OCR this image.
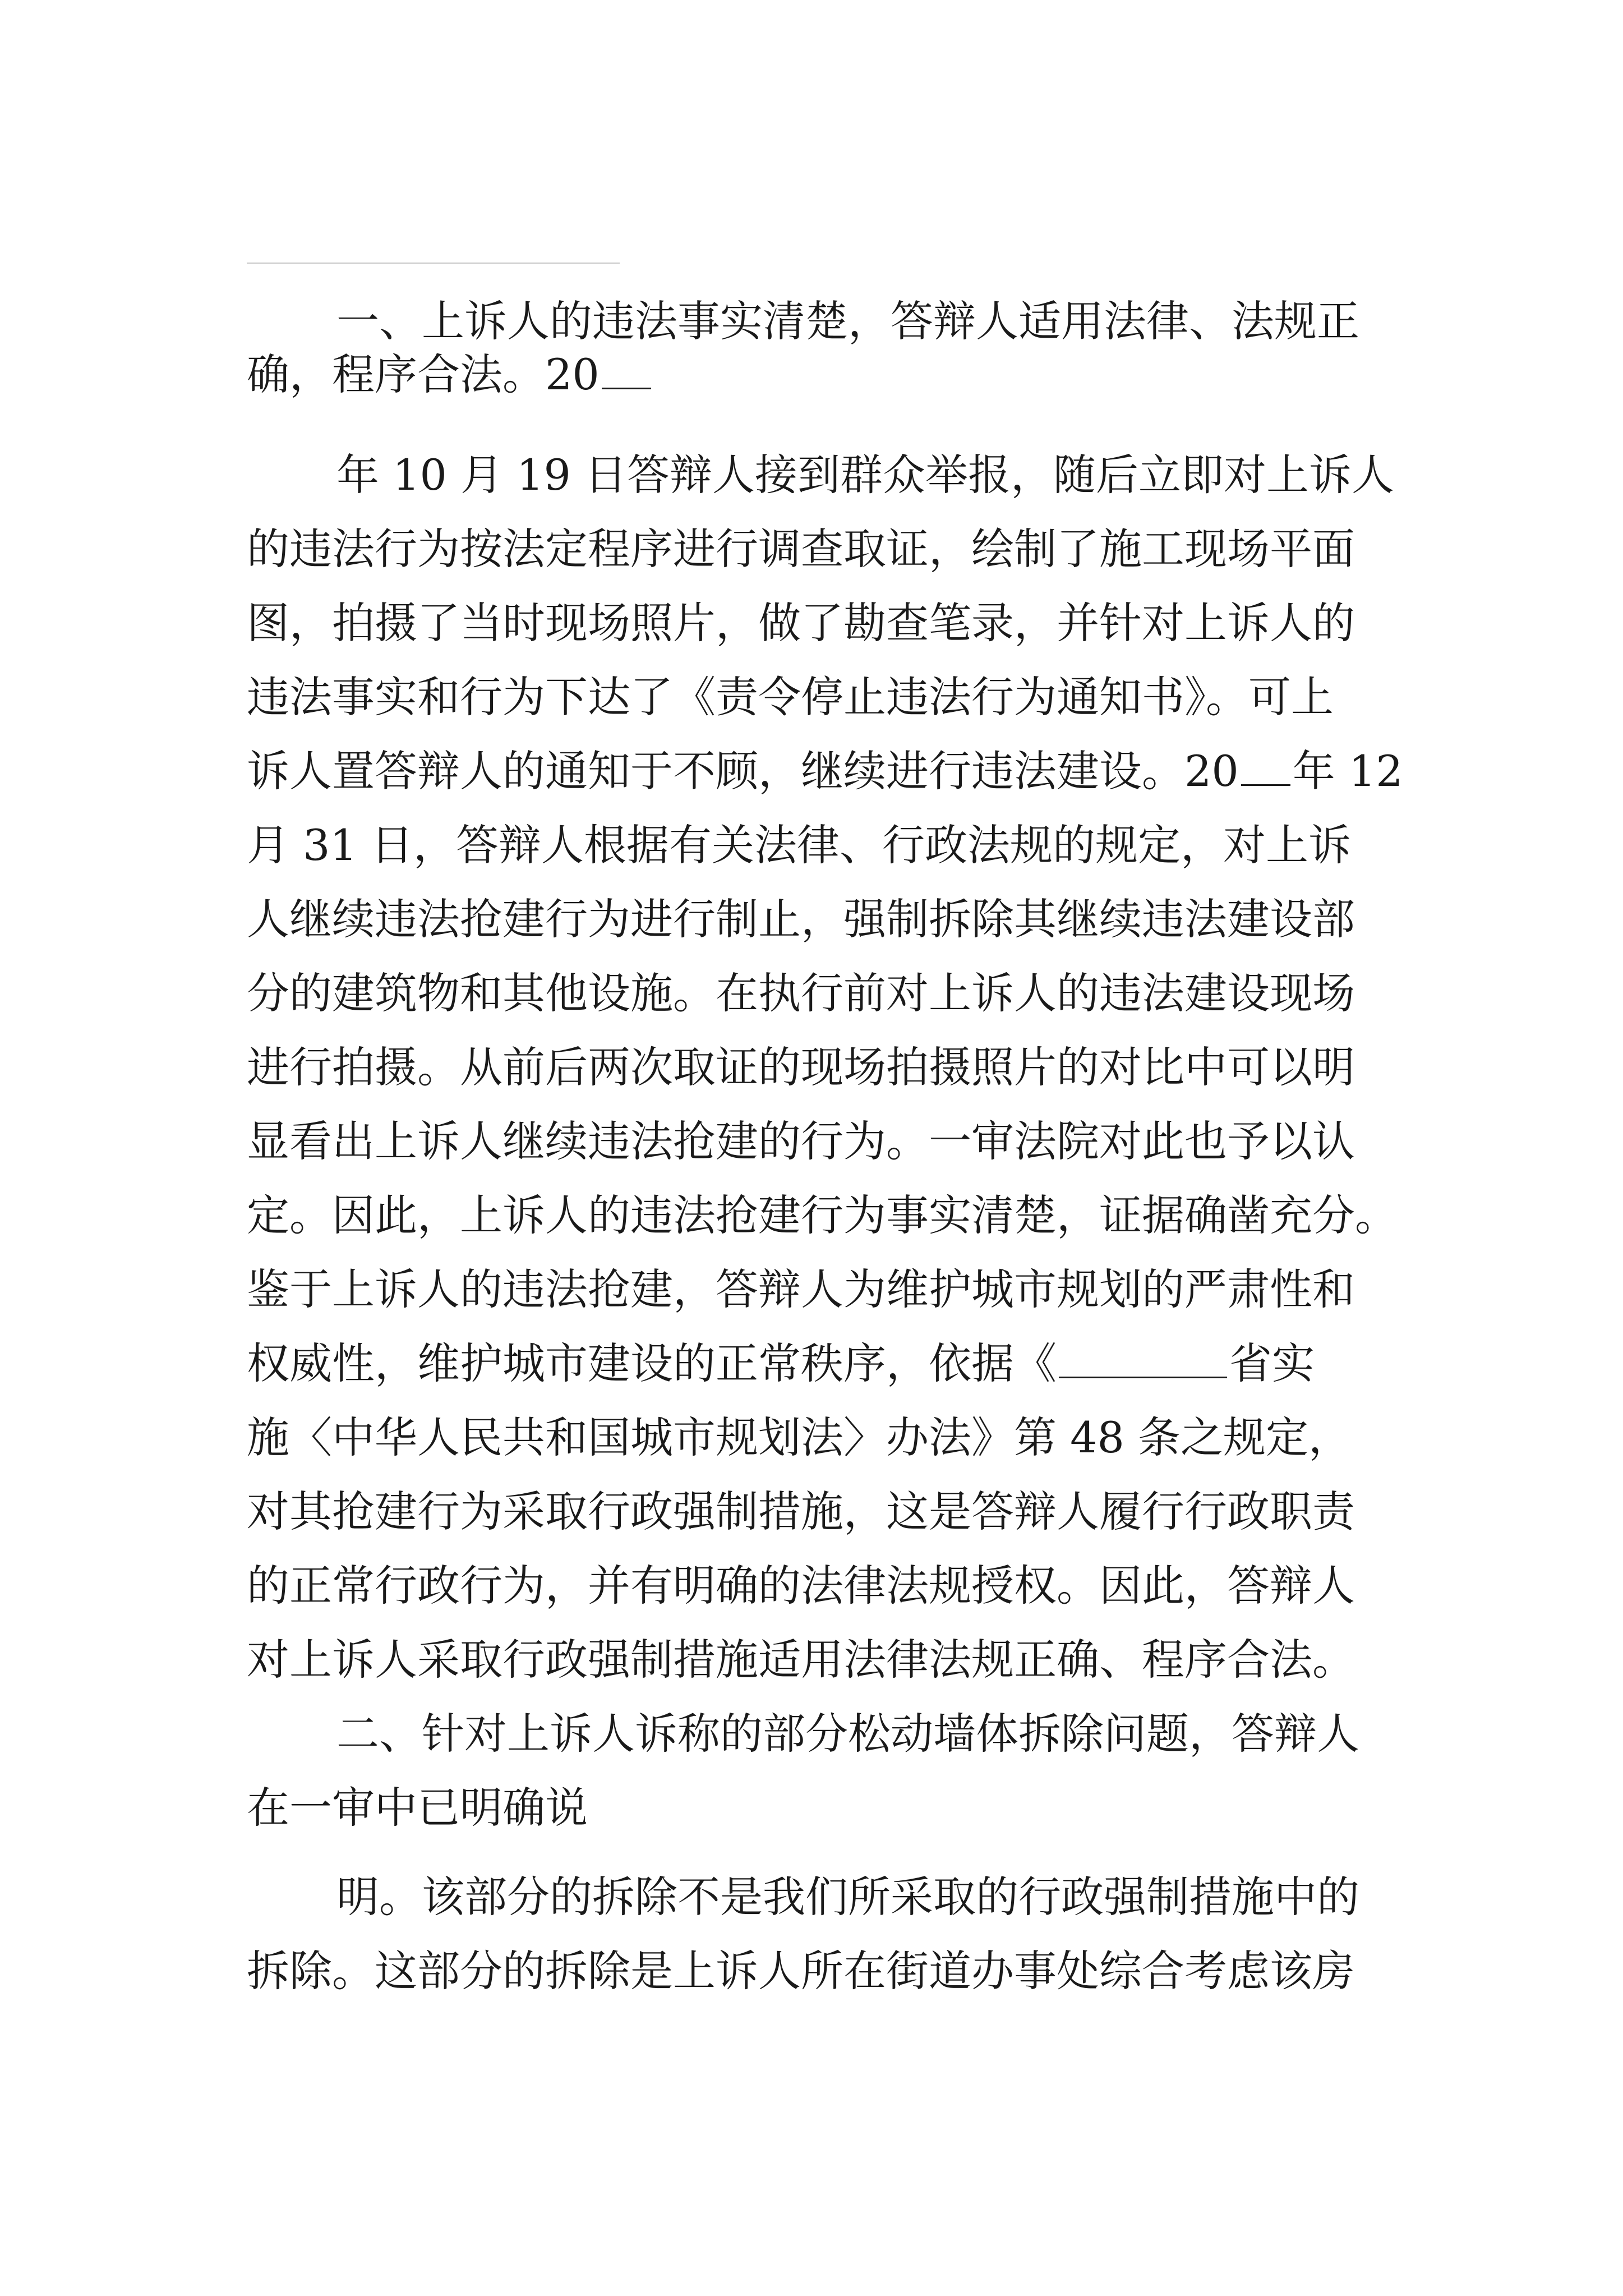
一、上诉人的违法事实清楚，答辩人适用法律、法规正
确，程序合法。20
年 10 月 19 日答辩人接到群众举报，随后立即对上诉人
的违法行为按法定程序进行调查取证，绘制了施工现场平面
图，拍摄了当时现场照片，做了勘查笔录，并针对上诉人的
违法事实和行为下达了《责令停止违法行为通知书》。可上
诉人置答辩人的通知于不顾，继续进行违法建设。20 年 12
月 31 日，答辩人根据有关法律、行政法规的规定，对上诉
人继续违法抢建行为进行制止，强制拆除其继续违法建设部
分的建筑物和其他设施。在执行前对上诉人的违法建设现场
进行拍摄。从前后两次取证的现场拍摄照片的对比中可以明
显看出上诉人继续违法抢建的行为。一审法院对此也予以认
定。因此，上诉人的违法抢建行为事实清楚，证据确凿充分。
鉴于上诉人的违法抢建，答辩人为维护城市规划的严肃性和
权威性，维护城市建设的正常秩序，依据《	省实
施〈中华人民共和国城市规划法〉办法》第 48 条之规定，
对其抢建行为采取行政强制措施，这是答辩人履行行政职责
的正常行政行为，并有明确的法律法规授权。因此，答辩人
对上诉人采取行政强制措施适用法律法规正确、程序合法。
二、针对上诉人诉称的部分松动墙体拆除问题，答辩人
在一审中已明确说
明。该部分的拆除不是我们所采取的行政强制措施中的
拆除。这部分的拆除是上诉人所在街道办事处综合考虑该房
